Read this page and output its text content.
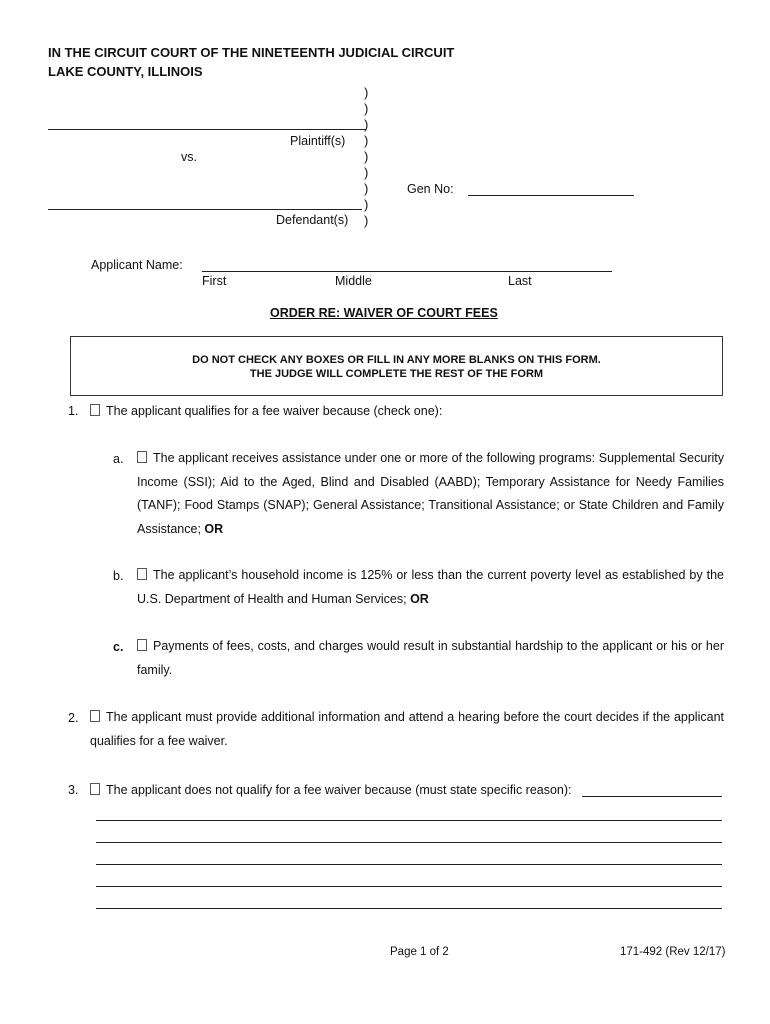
IN THE CIRCUIT COURT OF THE NINETEENTH JUDICIAL CIRCUIT
LAKE COUNTY, ILLINOIS
)
)
)
)
)
)
)
)
)
Plaintiff(s)
vs.
Gen No:
Defendant(s)
Applicant Name:
First	Middle	Last
ORDER RE: WAIVER OF COURT FEES
DO NOT CHECK ANY BOXES OR FILL IN ANY MORE BLANKS ON THIS FORM.
THE JUDGE WILL COMPLETE THE REST OF THE FORM
1.	The applicant qualifies for a fee waiver because (check one):
a.	The applicant receives assistance under one or more of the following programs: Supplemental Security Income (SSI); Aid to the Aged, Blind and Disabled (AABD); Temporary Assistance for Needy Families (TANF); Food Stamps (SNAP); General Assistance; Transitional Assistance; or State Children and Family Assistance; OR
b.	The applicant’s household income is 125% or less than the current poverty level as established by the U.S. Department of Health and Human Services; OR
c.	Payments of fees, costs, and charges would result in substantial hardship to the applicant or his or her family.
2.	The applicant must provide additional information and attend a hearing before the court decides if the applicant qualifies for a fee waiver.
3.	The applicant does not qualify for a fee waiver because (must state specific reason):
Page 1 of 2	171-492 (Rev 12/17)
